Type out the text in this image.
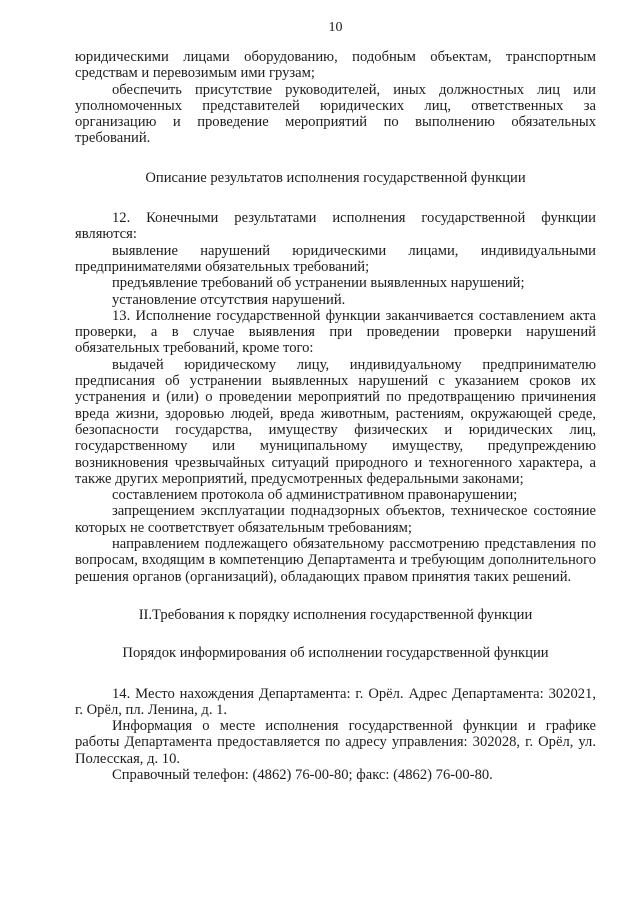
10

юридическими лицами оборудованию, подобным объектам, транспортным средствам и перевозимым ими грузам;

обеспечить присутствие руководителей, иных должностных лиц или уполномоченных представителей юридических лиц, ответственных за организацию и проведение мероприятий по выполнению обязательных требований.

Описание результатов исполнения государственной функции

12. Конечными результатами исполнения государственной функции являются:

выявление нарушений юридическими лицами, индивидуальными предпринимателями обязательных требований;

предъявление требований об устранении выявленных нарушений;

установление отсутствия нарушений.

13. Исполнение государственной функции заканчивается составлением акта проверки, а в случае выявления при проведении проверки нарушений обязательных требований, кроме того:

выдачей юридическому лицу, индивидуальному предпринимателю предписания об устранении выявленных нарушений с указанием сроков их устранения и (или) о проведении мероприятий по предотвращению причинения вреда жизни, здоровью людей, вреда животным, растениям, окружающей среде, безопасности государства, имуществу физических и юридических лиц, государственному или муниципальному имуществу, предупреждению возникновения чрезвычайных ситуаций природного и техногенного характера, а также других мероприятий, предусмотренных федеральными законами;

составлением протокола об административном правонарушении;

запрещением эксплуатации поднадзорных объектов, техническое состояние которых не соответствует обязательным требованиям;

направлением подлежащего обязательному рассмотрению представления по вопросам, входящим в компетенцию Департамента и требующим дополнительного решения органов (организаций), обладающих правом принятия таких решений.

II.Требования к порядку исполнения государственной функции

Порядок информирования об исполнении государственной функции

14. Место нахождения Департамента: г. Орёл. Адрес Департамента: 302021, г. Орёл, пл. Ленина, д. 1.

Информация о месте исполнения государственной функции и графике работы Департамента предоставляется по адресу управления: 302028, г. Орёл, ул. Полесская, д. 10.

Справочный телефон: (4862) 76-00-80; факс: (4862) 76-00-80.
